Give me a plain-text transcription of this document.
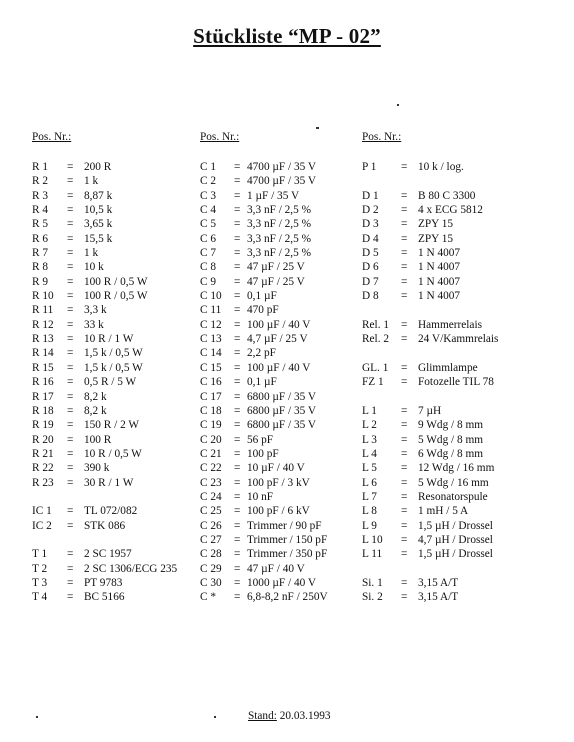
Stückliste “MP - 02”
Pos. Nr.:
R 1 = 200 R
R 2 = 1 k
R 3 = 8,87 k
R 4 = 10,5 k
R 5 = 3,65 k
R 6 = 15,5 k
R 7 = 1 k
R 8 = 10 k
R 9 = 100 R / 0,5 W
R 10 = 100 R / 0,5 W
R 11 = 3,3 k
R 12 = 33 k
R 13 = 10 R / 1 W
R 14 = 1,5 k / 0,5 W
R 15 = 1,5 k / 0,5 W
R 16 = 0,5 R / 5 W
R 17 = 8,2 k
R 18 = 8,2 k
R 19 = 150 R / 2 W
R 20 = 100 R
R 21 = 10 R / 0,5 W
R 22 = 390 k
R 23 = 30 R / 1 W
IC 1 = TL 072/082
IC 2 = STK 086
T 1 = 2 SC 1957
T 2 = 2 SC 1306/ECG 235
T 3 = PT 9783
T 4 = BC 5166
Pos. Nr.:
C 1 = 4700 µF / 35 V
C 2 = 4700 µF / 35 V
C 3 = 1 µF / 35 V
C 4 = 3,3 nF / 2,5 %
C 5 = 3,3 nF / 2,5 %
C 6 = 3,3 nF / 2,5 %
C 7 = 3,3 nF / 2,5 %
C 8 = 47 µF / 25 V
C 9 = 47 µF / 25 V
C 10 = 0,1 µF
C 11 = 470 pF
C 12 = 100 µF / 40 V
C 13 = 4,7 µF / 25 V
C 14 = 2,2 pF
C 15 = 100 µF / 40 V
C 16 = 0,1 µF
C 17 = 6800 µF / 35 V
C 18 = 6800 µF / 35 V
C 19 = 6800 µF / 35 V
C 20 = 56 pF
C 21 = 100 pF
C 22 = 10 µF / 40 V
C 23 = 100 pF / 3 kV
C 24 = 10 nF
C 25 = 100 pF / 6 kV
C 26 = Trimmer / 90 pF
C 27 = Trimmer / 150 pF
C 28 = Trimmer / 350 pF
C 29 = 47 µF / 40 V
C 30 = 1000 µF / 40 V
C * = 6,8-8,2 nF / 250V
Pos. Nr.:
P 1 = 10 k / log.
D 1 = B 80 C 3300
D 2 = 4 x ECG 5812
D 3 = ZPY 15
D 4 = ZPY 15
D 5 = 1 N 4007
D 6 = 1 N 4007
D 7 = 1 N 4007
D 8 = 1 N 4007
Rel. 1 = Hammerrelais
Rel. 2 = 24 V/Kammrelais
GL. 1 = Glimmlampe
FZ 1 = Fotozelle TIL 78
L 1 = 7 µH
L 2 = 9 Wdg / 8 mm
L 3 = 5 Wdg / 8 mm
L 4 = 6 Wdg / 8 mm
L 5 = 12 Wdg / 16 mm
L 6 = 5 Wdg / 16 mm
L 7 = Resonatorspule
L 8 = 1 mH / 5 A
L 9 = 1,5 µH / Drossel
L 10 = 4,7 µH / Drossel
L 11 = 1,5 µH / Drossel
Si. 1 = 3,15 A/T
Si. 2 = 3,15 A/T
Stand: 20.03.1993
